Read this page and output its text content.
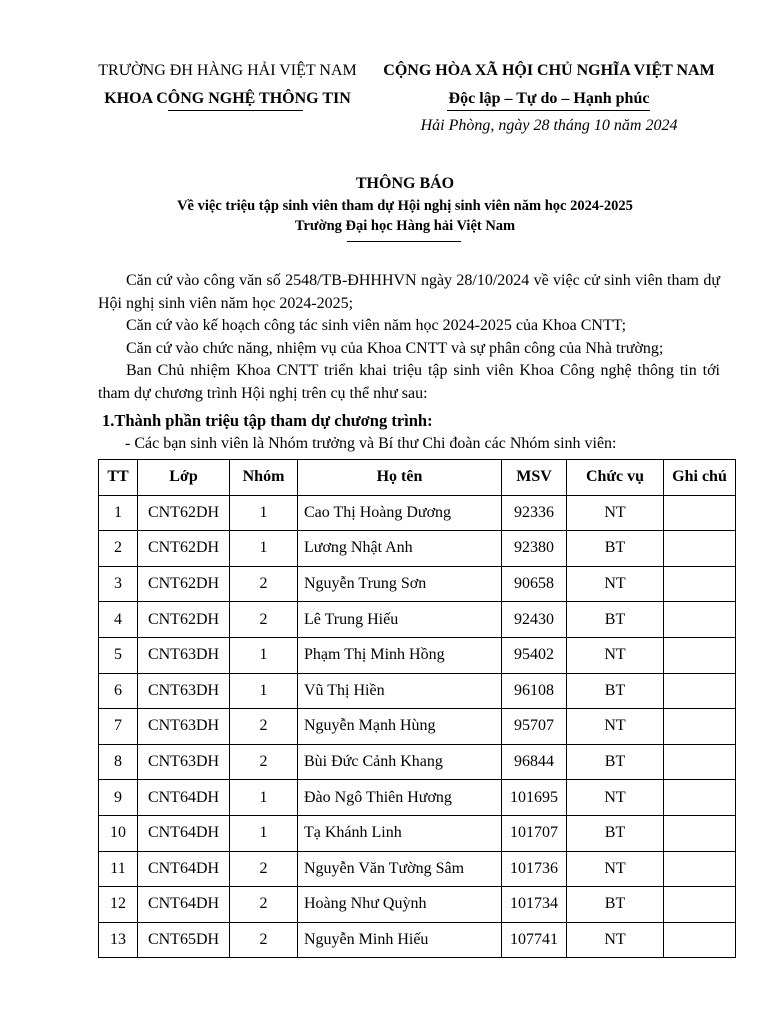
TRƯỜNG ĐH HÀNG HẢI VIỆT NAM
KHOA CÔNG NGHỆ THÔNG TIN
CỘNG HÒA XÃ HỘI CHỦ NGHĨA VIỆT NAM
Độc lập – Tự do – Hạnh phúc
Hải Phòng, ngày 28 tháng 10 năm 2024
THÔNG BÁO
Về việc triệu tập sinh viên tham dự Hội nghị sinh viên năm học 2024-2025
Trường Đại học Hàng hải Việt Nam

Căn cứ vào công văn số 2548/TB-ĐHHHVN ngày 28/10/2024 về việc cử sinh viên tham dự Hội nghị sinh viên năm học 2024-2025;

Căn cứ vào kế hoạch công tác sinh viên năm học 2024-2025 của Khoa CNTT;

Căn cứ vào chức năng, nhiệm vụ của Khoa CNTT và sự phân công của Nhà trường;

Ban Chủ nhiệm Khoa CNTT triển khai triệu tập sinh viên Khoa Công nghệ thông tin tới tham dự chương trình Hội nghị trên cụ thể như sau:

1.Thành phần triệu tập tham dự chương trình:

- Các bạn sinh viên là Nhóm trưởng và Bí thư Chi đoàn các Nhóm sinh viên:

TT	Lớp	Nhóm	Họ tên	MSV	Chức vụ	Ghi chú
1	CNT62DH	1	Cao Thị Hoàng Dương	92336	NT	
2	CNT62DH	1	Lương Nhật Anh	92380	BT	
3	CNT62DH	2	Nguyễn Trung Sơn	90658	NT	
4	CNT62DH	2	Lê Trung Hiếu	92430	BT	
5	CNT63DH	1	Phạm Thị Minh Hồng	95402	NT	
6	CNT63DH	1	Vũ Thị Hiền	96108	BT	
7	CNT63DH	2	Nguyễn Mạnh Hùng	95707	NT	
8	CNT63DH	2	Bùi Đức Cảnh Khang	96844	BT	
9	CNT64DH	1	Đào Ngô Thiên Hương	101695	NT	
10	CNT64DH	1	Tạ Khánh Linh	101707	BT	
11	CNT64DH	2	Nguyễn Văn Tường Sâm	101736	NT	
12	CNT64DH	2	Hoàng Như Quỳnh	101734	BT	
13	CNT65DH	2	Nguyễn Minh Hiếu	107741	NT	
